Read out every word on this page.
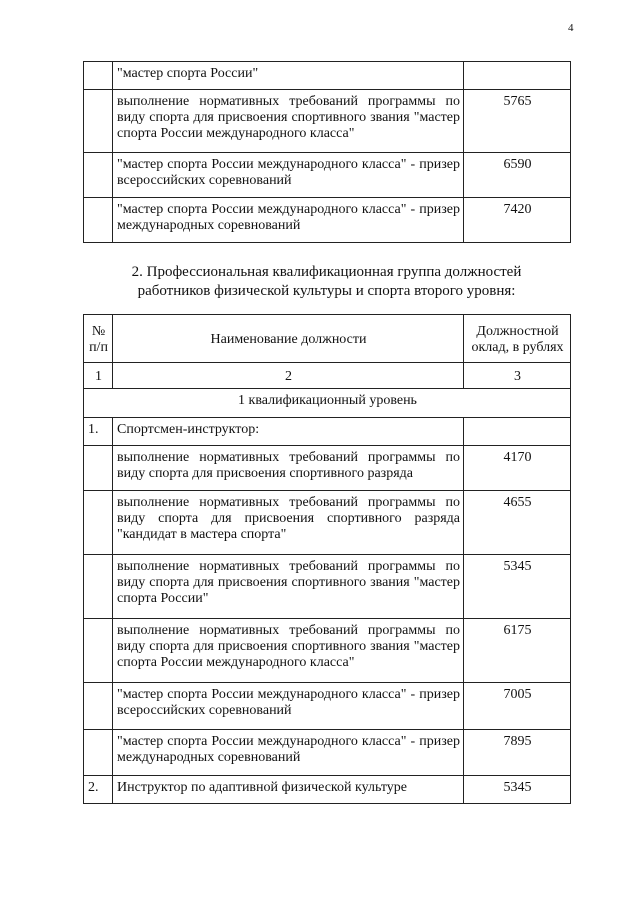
4
	"мастер спорта России"	
	выполнение нормативных требований программы по виду спорта для присвоения спортивного звания "мастер спорта России международного класса"	5765
	"мастер спорта России международного класса" - призер всероссийских соревнований	6590
	"мастер спорта России международного класса" - призер международных соревнований	7420
2. Профессиональная квалификационная группа должностей
работников физической культуры и спорта второго уровня:
№ п/п	Наименование должности	Должностной оклад, в рублях
1	2	3
1 квалификационный уровень		
1.	Спортсмен-инструктор:	
	выполнение нормативных требований программы по виду спорта для присвоения спортивного разряда	4170
	выполнение нормативных требований программы по виду спорта для присвоения спортивного разряда "кандидат в мастера спорта"	4655
	выполнение нормативных требований программы по виду спорта для присвоения спортивного звания "мастер спорта России"	5345
	выполнение нормативных требований программы по виду спорта для присвоения спортивного звания "мастер спорта России международного класса"	6175
	"мастер спорта России международного класса" - призер всероссийских соревнований	7005
	"мастер спорта России международного класса" - призер международных соревнований	7895
2.	Инструктор по адаптивной физической культуре	5345
